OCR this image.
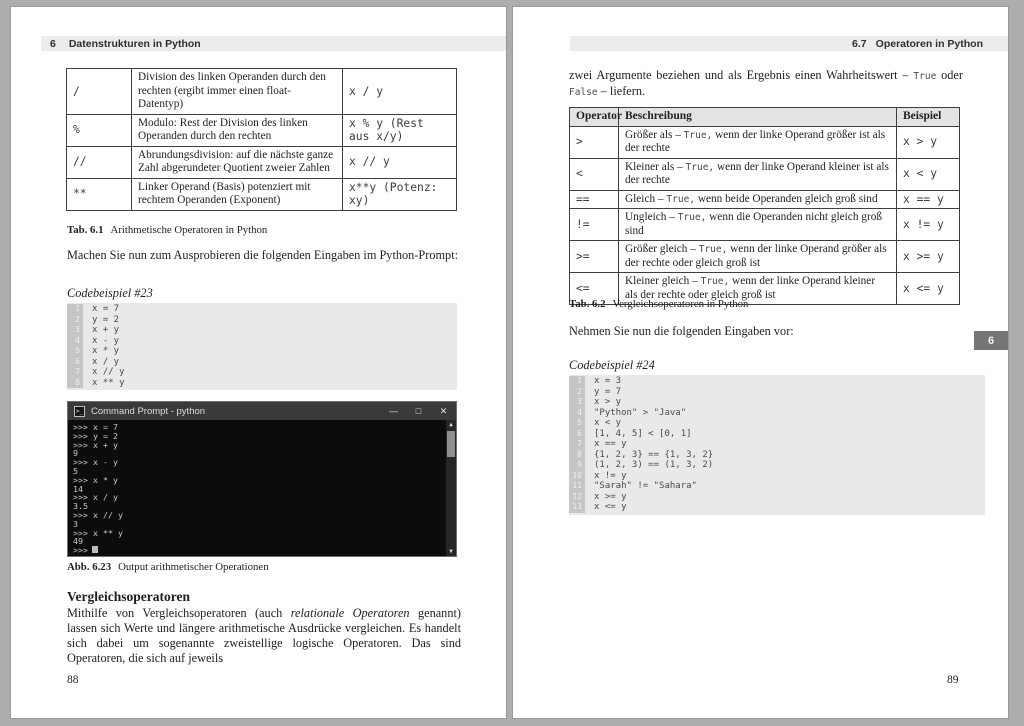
6 Datenstrukturen in Python
/	Division des linken Operanden durch den rechten (ergibt immer einen float-Datentyp)	x / y
%	Modulo: Rest der Division des linken Operanden durch den rechten	x % y (Rest aus x/y)
//	Abrundungsdivision: auf die nächste ganze Zahl abgerundeter Quotient zweier Zahlen	x // y
**	Linker Operand (Basis) potenziert mit rechtem Operanden (Exponent)	x**y (Potenz: xy)
Tab. 6.1 Arithmetische Operatoren in Python
Machen Sie nun zum Ausprobieren die folgenden Eingaben im Python-Prompt:
Codebeispiel #23
1	x = 7
2	y = 2
3	x + y
4	x - y
5	x * y
6	x / y
7	x // y
8	x ** y
>_ Command Prompt - python	—	□	✕
>>> x = 7
>>> y = 2
>>> x + y
9
>>> x - y
5
>>> x * y
14
>>> x / y
3.5
>>> x // y
3
>>> x ** y
49
>>>
▲
▼
Abb. 6.23 Output arithmetischer Operationen
Vergleichsoperatoren
Mithilfe von Vergleichsoperatoren (auch relationale Operatoren genannt) lassen sich Werte und längere arithmetische Ausdrücke vergleichen. Es handelt sich dabei um sogenannte zweistellige logische Operatoren. Das sind Operatoren, die sich auf jeweils
88
6.7 Operatoren in Python
zwei Argumente beziehen und als Ergebnis einen Wahrheitswert – True oder False – liefern.
Operator	Beschreibung	Beispiel
>	Größer als – True, wenn der linke Operand größer ist als der rechte	x > y
<	Kleiner als – True, wenn der linke Operand kleiner ist als der rechte	x < y
==	Gleich – True, wenn beide Operanden gleich groß sind	x == y
!=	Ungleich – True, wenn die Operanden nicht gleich groß sind	x != y
>=	Größer gleich – True, wenn der linke Operand größer als der rechte oder gleich groß ist	x >= y
<=	Kleiner gleich – True, wenn der linke Operand kleiner als der rechte oder gleich groß ist	x <= y
Tab. 6.2 Vergleichsoperatoren in Python
Nehmen Sie nun die folgenden Eingaben vor:
6
Codebeispiel #24
1	x = 3
2	y = 7
3	x > y
4	"Python" > "Java"
5	x < y
6	[1, 4, 5] < [0, 1]
7	x == y
8	{1, 2, 3} == {1, 3, 2}
9	(1, 2, 3) == (1, 3, 2)
10	x != y
11	"Sarah" != "Sahara"
12	x >= y
13	x <= y
89
